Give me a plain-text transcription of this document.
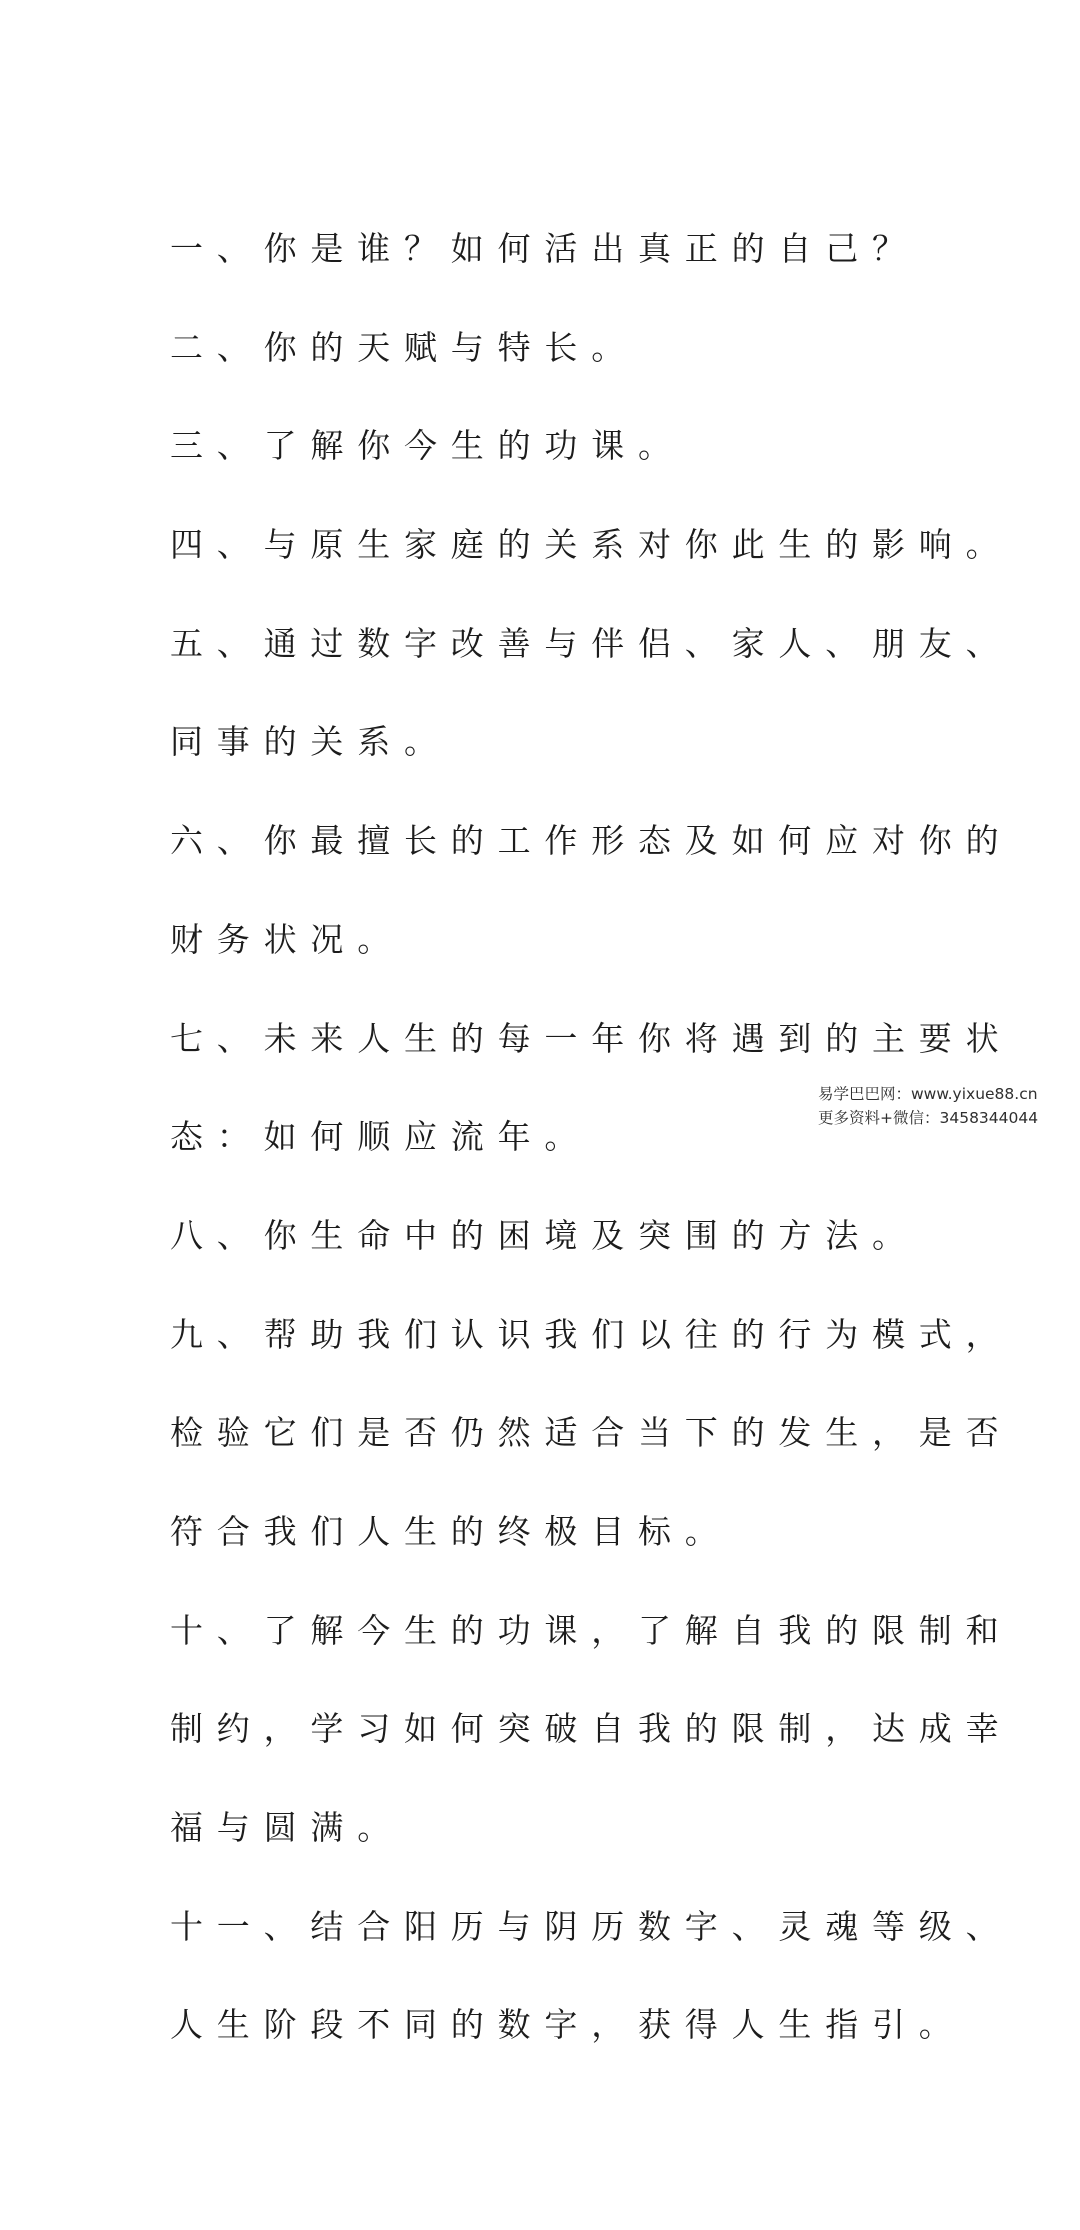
一、你是谁？如何活出真正的自己？
二、你的天赋与特长。
三、了解你今生的功课。
四、与原生家庭的关系对你此生的影响。
五、通过数字改善与伴侣、家人、朋友、
同事的关系。
六、你最擅长的工作形态及如何应对你的
财务状况。
七、未来人生的每一年你将遇到的主要状
态：如何顺应流年。
八、你生命中的困境及突围的方法。
九、帮助我们认识我们以往的行为模式，
检验它们是否仍然适合当下的发生，是否
符合我们人生的终极目标。
十、了解今生的功课，了解自我的限制和
制约，学习如何突破自我的限制，达成幸
福与圆满。
十一、结合阳历与阴历数字、灵魂等级、
人生阶段不同的数字，获得人生指引。
易学巴巴网：www.yixue88.cn
更多资料+微信：3458344044
